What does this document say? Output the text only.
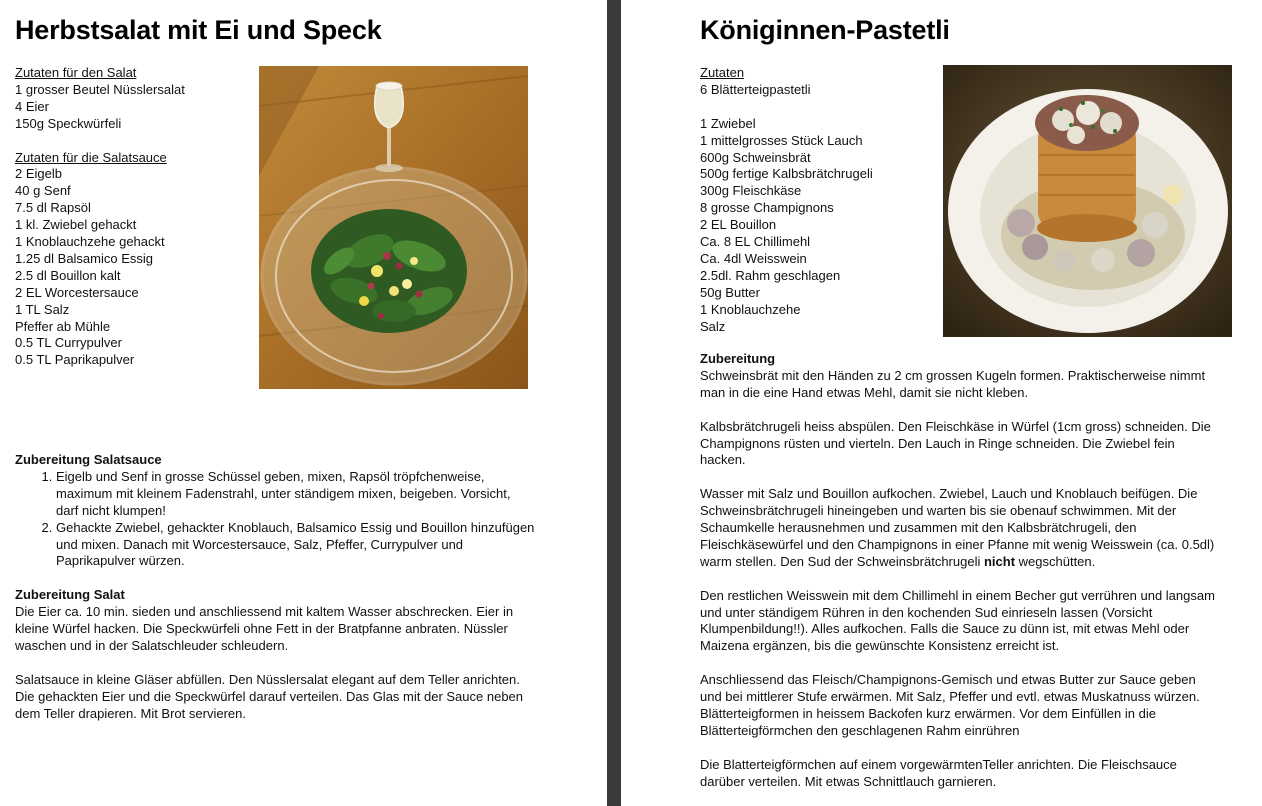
Herbstsalat mit Ei und Speck
Zutaten für den Salat
1 grosser Beutel Nüsslersalat
4 Eier
150g Speckwürfeli
Zutaten für die Salatsauce
2 Eigelb
40 g Senf
7.5 dl Rapsöl
1 kl. Zwiebel gehackt
1 Knoblauchzehe gehackt
1.25 dl Balsamico Essig
2.5 dl Bouillon kalt
2 EL Worcestersauce
1 TL Salz
Pfeffer ab Mühle
0.5 TL Currypulver
0.5 TL Paprikapulver
Zubereitung Salatsauce
1. Eigelb und Senf in grosse Schüssel geben, mixen, Rapsöl tröpfchenweise, maximum mit kleinem Fadenstrahl, unter ständigem mixen, beigeben. Vorsicht, darf nicht klumpen!
2. Gehackte Zwiebel, gehackter Knoblauch, Balsamico Essig und Bouillon hinzufügen und mixen. Danach mit Worcestersauce, Salz, Pfeffer, Currypulver und Paprikapulver würzen.
Zubereitung Salat

Die Eier ca. 10 min. sieden und anschliessend mit kaltem Wasser abschrecken. Eier in kleine Würfel hacken. Die Speckwürfeli ohne Fett in der Bratpfanne anbraten. Nüssler waschen und in der Salatschleuder schleudern.

Salatsauce in kleine Gläser abfüllen. Den Nüsslersalat elegant auf dem Teller anrichten. Die gehackten Eier und die Speckwürfel darauf verteilen. Das Glas mit der Sauce neben dem Teller drapieren. Mit Brot servieren.

Königinnen-Pastetli
Zutaten
6 Blätterteigpastetli
1 Zwiebel
1 mittelgrosses Stück Lauch
600g Schweinsbrät
500g fertige Kalbsbrätchrugeli
300g Fleischkäse
8 grosse Champignons
2 EL Bouillon
Ca. 8 EL Chillimehl
Ca. 4dl Weisswein
2.5dl. Rahm geschlagen
50g Butter
1 Knoblauchzehe
Salz
Zubereitung

Schweinsbrät mit den Händen zu 2 cm grossen Kugeln formen. Praktischerweise nimmt man in die eine Hand etwas Mehl, damit sie nicht kleben.

Kalbsbrätchrugeli heiss abspülen. Den Fleischkäse in Würfel (1cm gross) schneiden. Die Champignons rüsten und vierteln. Den Lauch in Ringe schneiden. Die Zwiebel fein hacken.

Wasser mit Salz und Bouillon aufkochen. Zwiebel, Lauch und Knoblauch beifügen. Die Schweinsbrätchrugeli hineingeben und warten bis sie obenauf schwimmen. Mit der Schaumkelle herausnehmen und zusammen mit den Kalbsbrätchrugeli, den Fleischkäsewürfel und den Champignons in einer Pfanne mit wenig Weisswein (ca. 0.5dl) warm stellen. Den Sud der Schweinsbrätchrugeli nicht wegschütten.

Den restlichen Weisswein mit dem Chillimehl in einem Becher gut verrühren und langsam und unter ständigem Rühren in den kochenden Sud einrieseln lassen (Vorsicht Klumpenbildung!!). Alles aufkochen. Falls die Sauce zu dünn ist, mit etwas Mehl oder Maizena ergänzen, bis die gewünschte Konsistenz erreicht ist.

Anschliessend das Fleisch/Champignons-Gemisch und etwas Butter zur Sauce geben und bei mittlerer Stufe erwärmen. Mit Salz, Pfeffer und evtl. etwas Muskatnuss würzen. Blätterteigformen in heissem Backofen kurz erwärmen. Vor dem Einfüllen in die Blätterteigförmchen den geschlagenen Rahm einrühren

Die Blatterteigförmchen auf einem vorgewärmtenTeller anrichten. Die Fleischsauce darüber verteilen. Mit etwas Schnittlauch garnieren.
